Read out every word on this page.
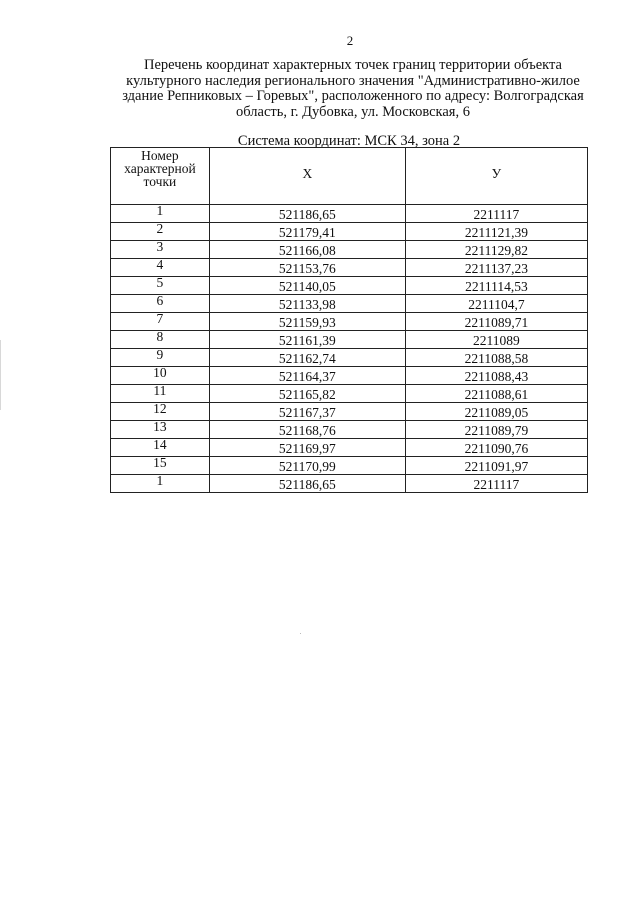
2
Перечень координат характерных точек границ территории объекта
культурного наследия регионального значения "Административно-жилое
здание Репниковых – Горевых", расположенного по адресу: Волгоградская
область, г. Дубовка, ул. Московская, 6
Система координат: МСК 34, зона 2
Номер
характерной
точки	Х	У
1	521186,65	2211117
2	521179,41	2211121,39
3	521166,08	2211129,82
4	521153,76	2211137,23
5	521140,05	2211114,53
6	521133,98	2211104,7
7	521159,93	2211089,71
8	521161,39	2211089
9	521162,74	2211088,58
10	521164,37	2211088,43
11	521165,82	2211088,61
12	521167,37	2211089,05
13	521168,76	2211089,79
14	521169,97	2211090,76
15	521170,99	2211091,97
1	521186,65	2211117
